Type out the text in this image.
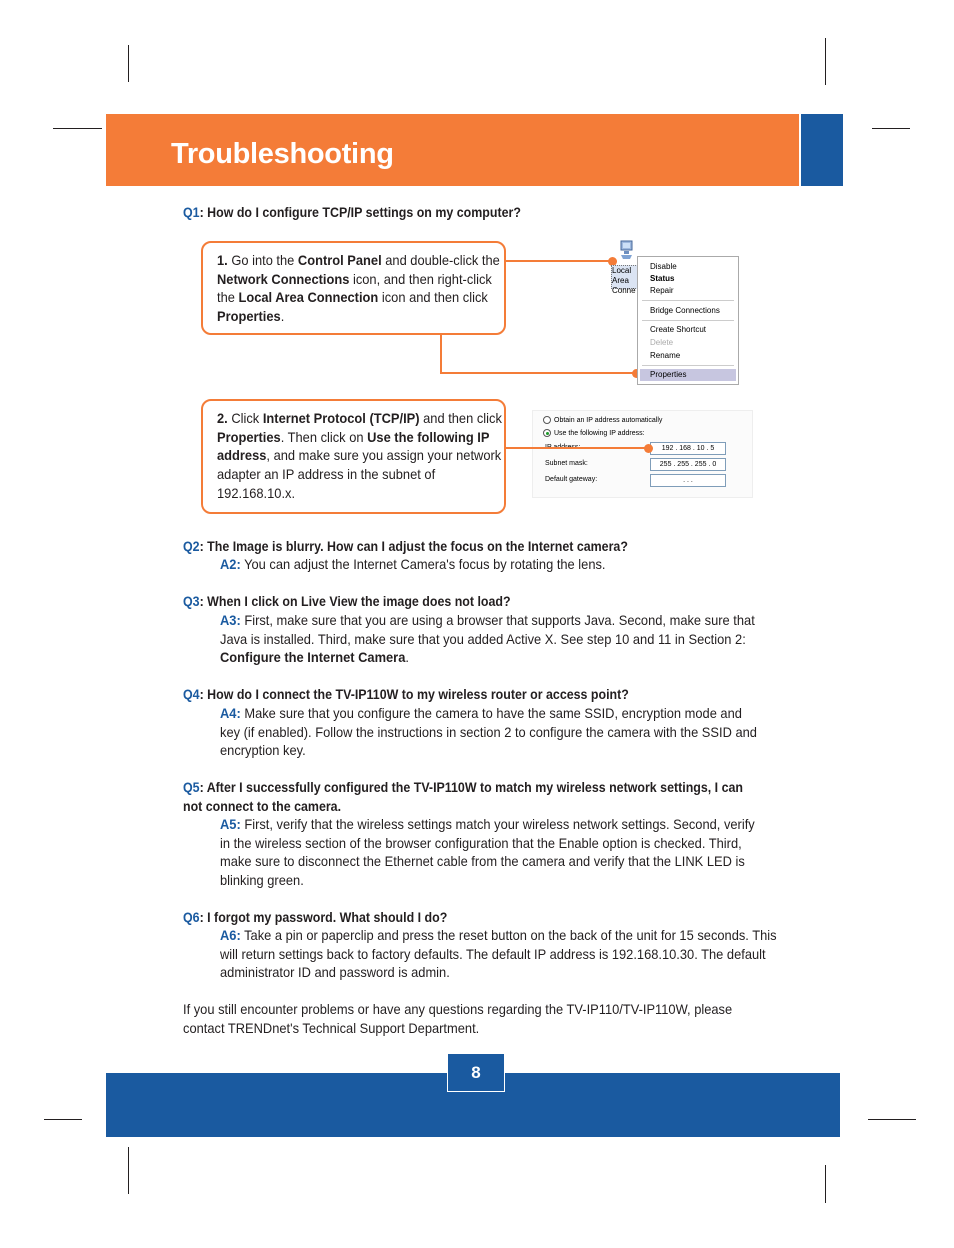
Troubleshooting
Q1: How do I configure TCP/IP settings on my computer?
1. Go into the Control Panel and double-click the Network Connections icon, and then right-click the Local Area Connection icon and then click Properties.
Local Area Conne
Disable
Status
Repair
Bridge Connections
Create Shortcut
Delete
Rename
Properties
2. Click Internet Protocol (TCP/IP) and then click Properties. Then click on Use the following IP address, and make sure you assign your network adapter an IP address in the subnet of 192.168.10.x.
Obtain an IP address automatically
Use the following IP address:
192 . 168 . 10 . 5
Subnet mask:	255 . 255 . 255 . 0
Default gateway:	. . .
Q2: The Image is blurry. How can I adjust the focus on the Internet camera?
A2: You can adjust the Internet Camera's focus by rotating the lens.
Q3: When I click on Live View the image does not load?
A3: First, make sure that you are using a browser that supports Java. Second, make sure that Java is installed. Third, make sure that you added Active X. See step 10 and 11 in Section 2: Configure the Internet Camera.
Q4: How do I connect the TV-IP110W to my wireless router or access point?
A4: Make sure that you configure the camera to have the same SSID, encryption mode and key (if enabled). Follow the instructions in section 2 to configure the camera with the SSID and encryption key.
Q5: After I successfully configured the TV-IP110W to match my wireless network settings, I can not connect to the camera.
A5: First, verify that the wireless settings match your wireless network settings. Second, verify in the wireless section of the browser configuration that the Enable option is checked. Third, make sure to disconnect the Ethernet cable from the camera and verify that the LINK LED is blinking green.
Q6: I forgot my password. What should I do?
A6: Take a pin or paperclip and press the reset button on the back of the unit for 15 seconds. This will return settings back to factory defaults. The default IP address is 192.168.10.30. The default administrator ID and password is admin.
If you still encounter problems or have any questions regarding the TV-IP110/TV-IP110W, please contact TRENDnet's Technical Support Department.
8
